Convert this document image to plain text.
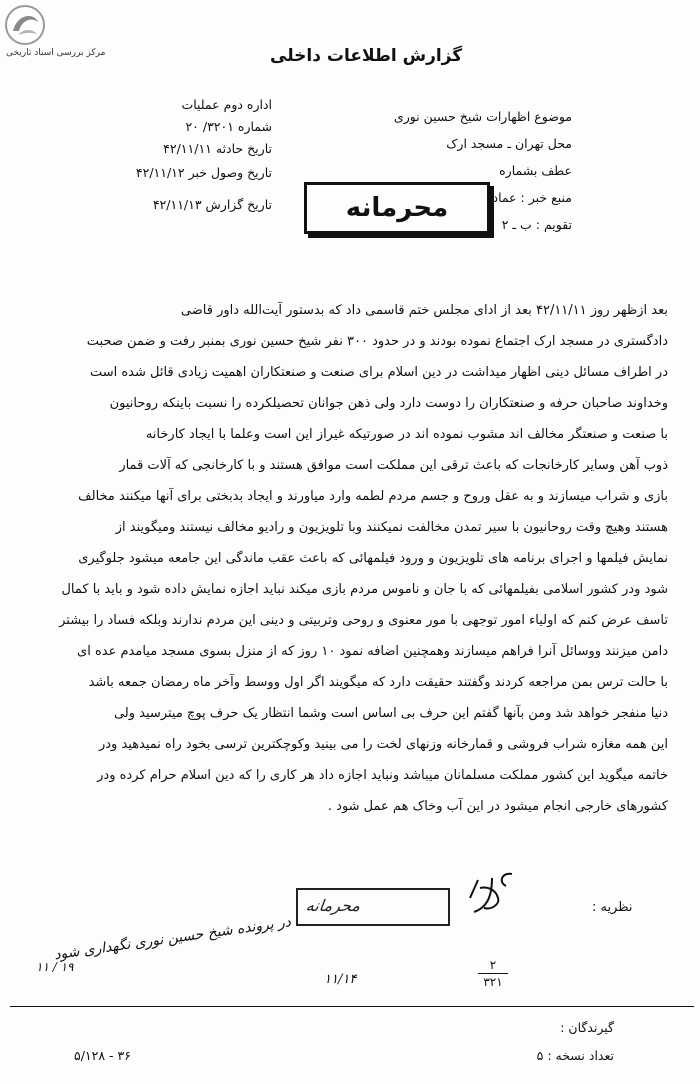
مرکز بررسی اسناد تاریخی	گزارش اطلاعات داخلی
موضوع اظهارات شیخ حسین نوری
محل تهران ـ مسجد ارک
عطف بشماره
منبع خبر : عماد
تقویم : ب ـ ۲
اداره دوم عملیات
شماره ۳۲۰۱/ ۲۰
تاریخ حادثه ۴۲/۱۱/۱۱
تاریخ وصول خبر ۴۲/۱۱/۱۲
تاریخ گزارش ۴۲/۱۱/۱۳	محرمانه

بعد ازظهر روز ۴۲/۱۱/۱۱ بعد از ادای مجلس ختم قاسمی داد که بدستور آیت‌الله داور قاضی

دادگستری در مسجد ارک اجتماع نموده بودند و در حدود ۳۰۰ نفر شیخ حسین نوری بمنبر رفت و ضمن صحبت

در اطراف مسائل دینی اظهار میداشت در دین اسلام برای صنعت و صنعتکاران اهمیت زیادی قائل شده است

وخداوند صاحبان حرفه و صنعتکاران را دوست دارد ولی ذهن جوانان تحصیلکرده را نسبت باینکه روحانیون

با صنعت و صنعتگر مخالف اند مشوب نموده اند در صورتیکه غیراز این است وعلما با ایجاد کارخانه

ذوب آهن وسایر کارخانجات که باعث ترقی این مملکت است موافق هستند و با کارخانجی که آلات قمار

بازی و شراب میسازند و به عقل وروح و جسم مردم لطمه وارد میاورند و ایجاد بدبختی برای آنها میکنند مخالف

هستند وهیچ وقت روحانیون با سیر تمدن مخالفت نمیکنند وبا تلویزیون و رادیو مخالف نیستند ومیگویند از

نمایش فیلمها و اجرای برنامه های تلویزیون و ورود فیلمهائی که باعث عقب ماندگی این جامعه میشود جلوگیری

شود ودر کشور اسلامی بفیلمهائی که با جان و ناموس مردم بازی میکند نباید اجازه نمایش داده شود و باید با کمال

تاسف عرض کنم که اولیاء امور توجهی با مور معنوی و روحی وتربیتی و دینی این مردم ندارند وبلکه فساد را بیشتر

دامن میزنند ووسائل آنرا فراهم میسازند وهمچنین اضافه نمود ۱۰ روز که از منزل بسوی مسجد میامدم عده ای

با حالت ترس بمن مراجعه کردند وگفتند حقیقت دارد که میگویند اگر اول ووسط وآخر ماه رمضان جمعه باشد

دنیا منفجر خواهد شد ومن بآنها گفتم این حرف بی اساس است وشما انتظار یک حرف پوچ میترسید ولی

این همه مغازه شراب فروشی و قمارخانه وزنهای لخت را می بینید وکوچکترین ترسی بخود راه نمیدهید ودر

خاتمه میگوید این کشور مملکت مسلمانان میباشد ونباید اجازه داد هر کاری را که دین اسلام حرام کرده ودر

کشورهای خارجی انجام میشود در این آب وخاک هم عمل شود .

نظریه :
محرمانه
در پرونده شیخ حسین نوری نگهداری شود
۱۹ / ۱۱
۱۱/۱۴
۲
۳۲۱
گیرندگان :
تعداد نسخه : ۵
۵/۱۲۸ - ۳۶
